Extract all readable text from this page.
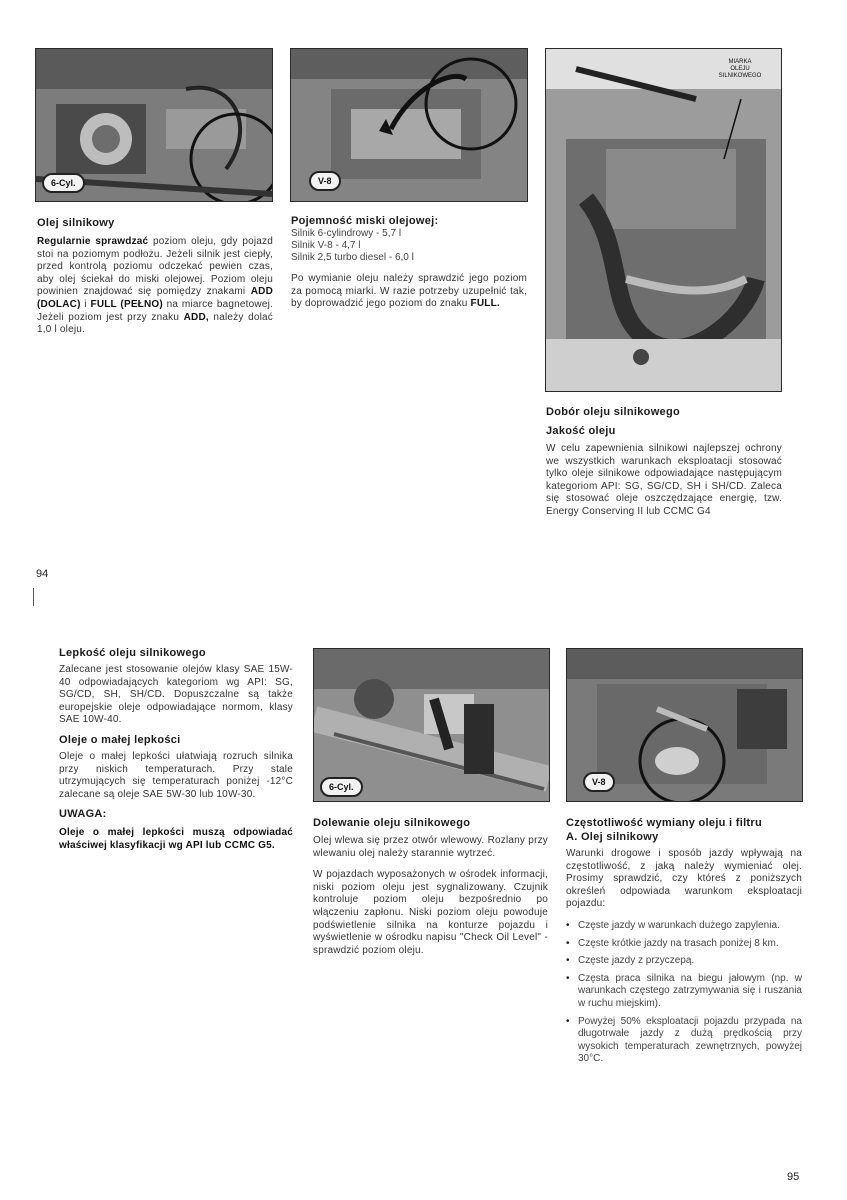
6-Cyl.	V-8
MIARKA
OLEJU
SILNIKOWEGO
Olej silnikowy
Regularnie sprawdzać poziom oleju, gdy pojazd stoi na poziomym podłożu. Jeżeli silnik jest ciepły, przed kontrolą poziomu odczekać pewien czas, aby olej ściekał do miski olejowej. Poziom oleju powinien znajdować się pomiędzy znakami ADD (DOLAC) i FULL (PEŁNO) na miarce bagnetowej. Jeżeli poziom jest przy znaku ADD, należy dolać 1,0 l oleju.
Pojemność miski olejowej:

Silnik 6-cylindrowy - 5,7 l

Silnik V-8 - 4,7 l

Silnik 2,5 turbo diesel - 6,0 l

Po wymianie oleju należy sprawdzić jego poziom za pomocą miarki. W razie potrzeby uzupełnić tak, by doprowadzić jego poziom do znaku FULL.
Dobór oleju silnikowego
Jakość oleju
W celu zapewnienia silnikowi najlepszej ochrony we wszystkich warunkach eksploatacji stosować tylko oleje silnikowe odpowiadające następującym kategoriom API: SG, SG/CD, SH i SH/CD. Zaleca się stosować oleje oszczędzające energię, tzw. Energy Conserving II lub CCMC G4
94
6-Cyl.	V-8
Lepkość oleju silnikowego
Zalecane jest stosowanie olejów klasy SAE 15W-40 odpowiadających kategoriom wg API: SG, SG/CD, SH, SH/CD. Dopuszczalne są także europejskie oleje odpowiadające normom, klasy SAE 10W-40.
Oleje o małej lepkości
Oleje o małej lepkości ułatwiają rozruch silnika przy niskich temperaturach. Przy stale utrzymujących się temperaturach poniżej -12°C zalecane są oleje SAE 5W-30 lub 10W-30.
UWAGA:
Oleje o małej lepkości muszą odpowiadać właściwej klasyfikacji wg API lub CCMC G5.
Dolewanie oleju silnikowego
Olej wlewa się przez otwór wlewowy. Rozlany przy wlewaniu olej należy starannie wytrzeć.
W pojazdach wyposażonych w ośrodek informacji, niski poziom oleju jest sygnalizowany. Czujnik kontroluje poziom oleju bezpośrednio po włączeniu zapłonu. Niski poziom oleju powoduje podświetlenie silnika na konturze pojazdu i wyświetlenie w ośrodku napisu "Check Oil Level" - sprawdzić poziom oleju.
Częstotliwość wymiany oleju i filtru
A. Olej silnikowy
Warunki drogowe i sposób jazdy wpływają na częstotliwość, z jaką należy wymieniać olej. Prosimy sprawdzić, czy któreś z poniższych określeń odpowiada warunkom eksploatacji pojazdu:
• Częste jazdy w warunkach dużego zapylenia.
• Częste krótkie jazdy na trasach poniżej 8 km.
• Częste jazdy z przyczepą.
• Częsta praca silnika na biegu jałowym (np. w warunkach częstego zatrzymywania się i ruszania w ruchu miejskim).
• Powyżej 50% eksploatacji pojazdu przypada na długotrwałe jazdy z dużą prędkością przy wysokich temperaturach zewnętrznych, powyżej 30°C.
95
